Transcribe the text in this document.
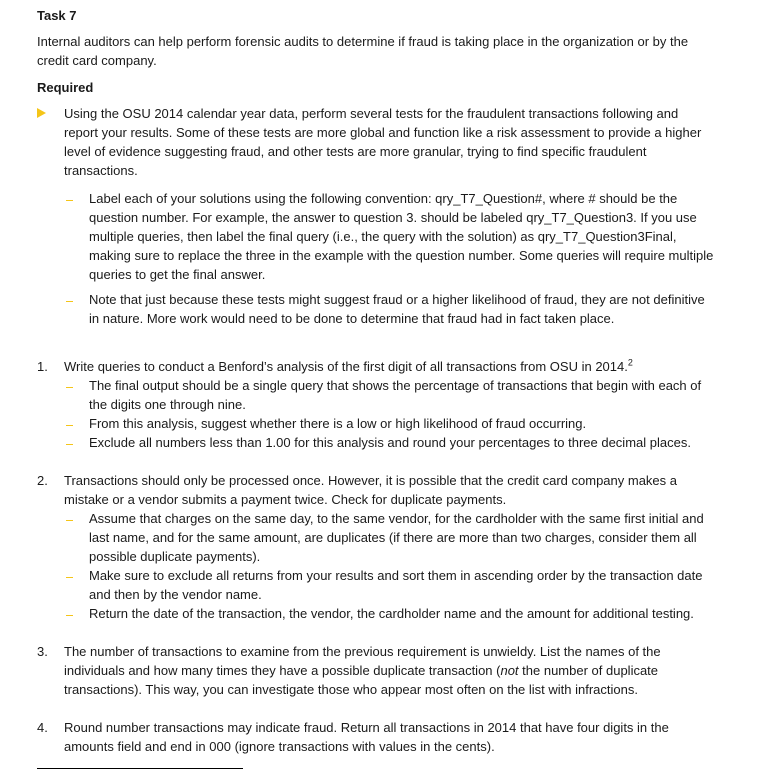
Task 7

Internal auditors can help perform forensic audits to determine if fraud is taking place in the organization or by the credit card company.

Required

Using the OSU 2014 calendar year data, perform several tests for the fraudulent transactions following and report your results. Some of these tests are more global and function like a risk assessment to provide a higher level of evidence suggesting fraud, and other tests are more granular, trying to find specific fraudulent transactions.

Label each of your solutions using the following convention: qry_T7_Question#, where # should be the question number. For example, the answer to question 3. should be labeled qry_T7_Question3. If you use multiple queries, then label the final query (i.e., the query with the solution) as qry_T7_Question3Final, making sure to replace the three in the example with the question number. Some queries will require multiple queries to get the final answer.

Note that just because these tests might suggest fraud or a higher likelihood of fraud, they are not definitive in nature. More work would need to be done to determine that fraud had in fact taken place.

1. Write queries to conduct a Benford’s analysis of the first digit of all transactions from OSU in 2014.$^2$

The final output should be a single query that shows the percentage of transactions that begin with each of the digits one through nine.

From this analysis, suggest whether there is a low or high likelihood of fraud occurring.

Exclude all numbers less than 1.00 for this analysis and round your percentages to three decimal places.

2. Transactions should only be processed once. However, it is possible that the credit card company makes a mistake or a vendor submits a payment twice. Check for duplicate payments.

Assume that charges on the same day, to the same vendor, for the cardholder with the same first initial and last name, and for the same amount, are duplicates (if there are more than two charges, consider them all possible duplicate payments).

Make sure to exclude all returns from your results and sort them in ascending order by the transaction date and then by the vendor name.

Return the date of the transaction, the vendor, the cardholder name and the amount for additional testing.

3. The number of transactions to examine from the previous requirement is unwieldy. List the names of the individuals and how many times they have a possible duplicate transaction (not the number of duplicate transactions). This way, you can investigate those who appear most often on the list with infractions.

4. Round number transactions may indicate fraud. Return all transactions in 2014 that have four digits in the amounts field and end in 000 (ignore transactions with values in the cents).
